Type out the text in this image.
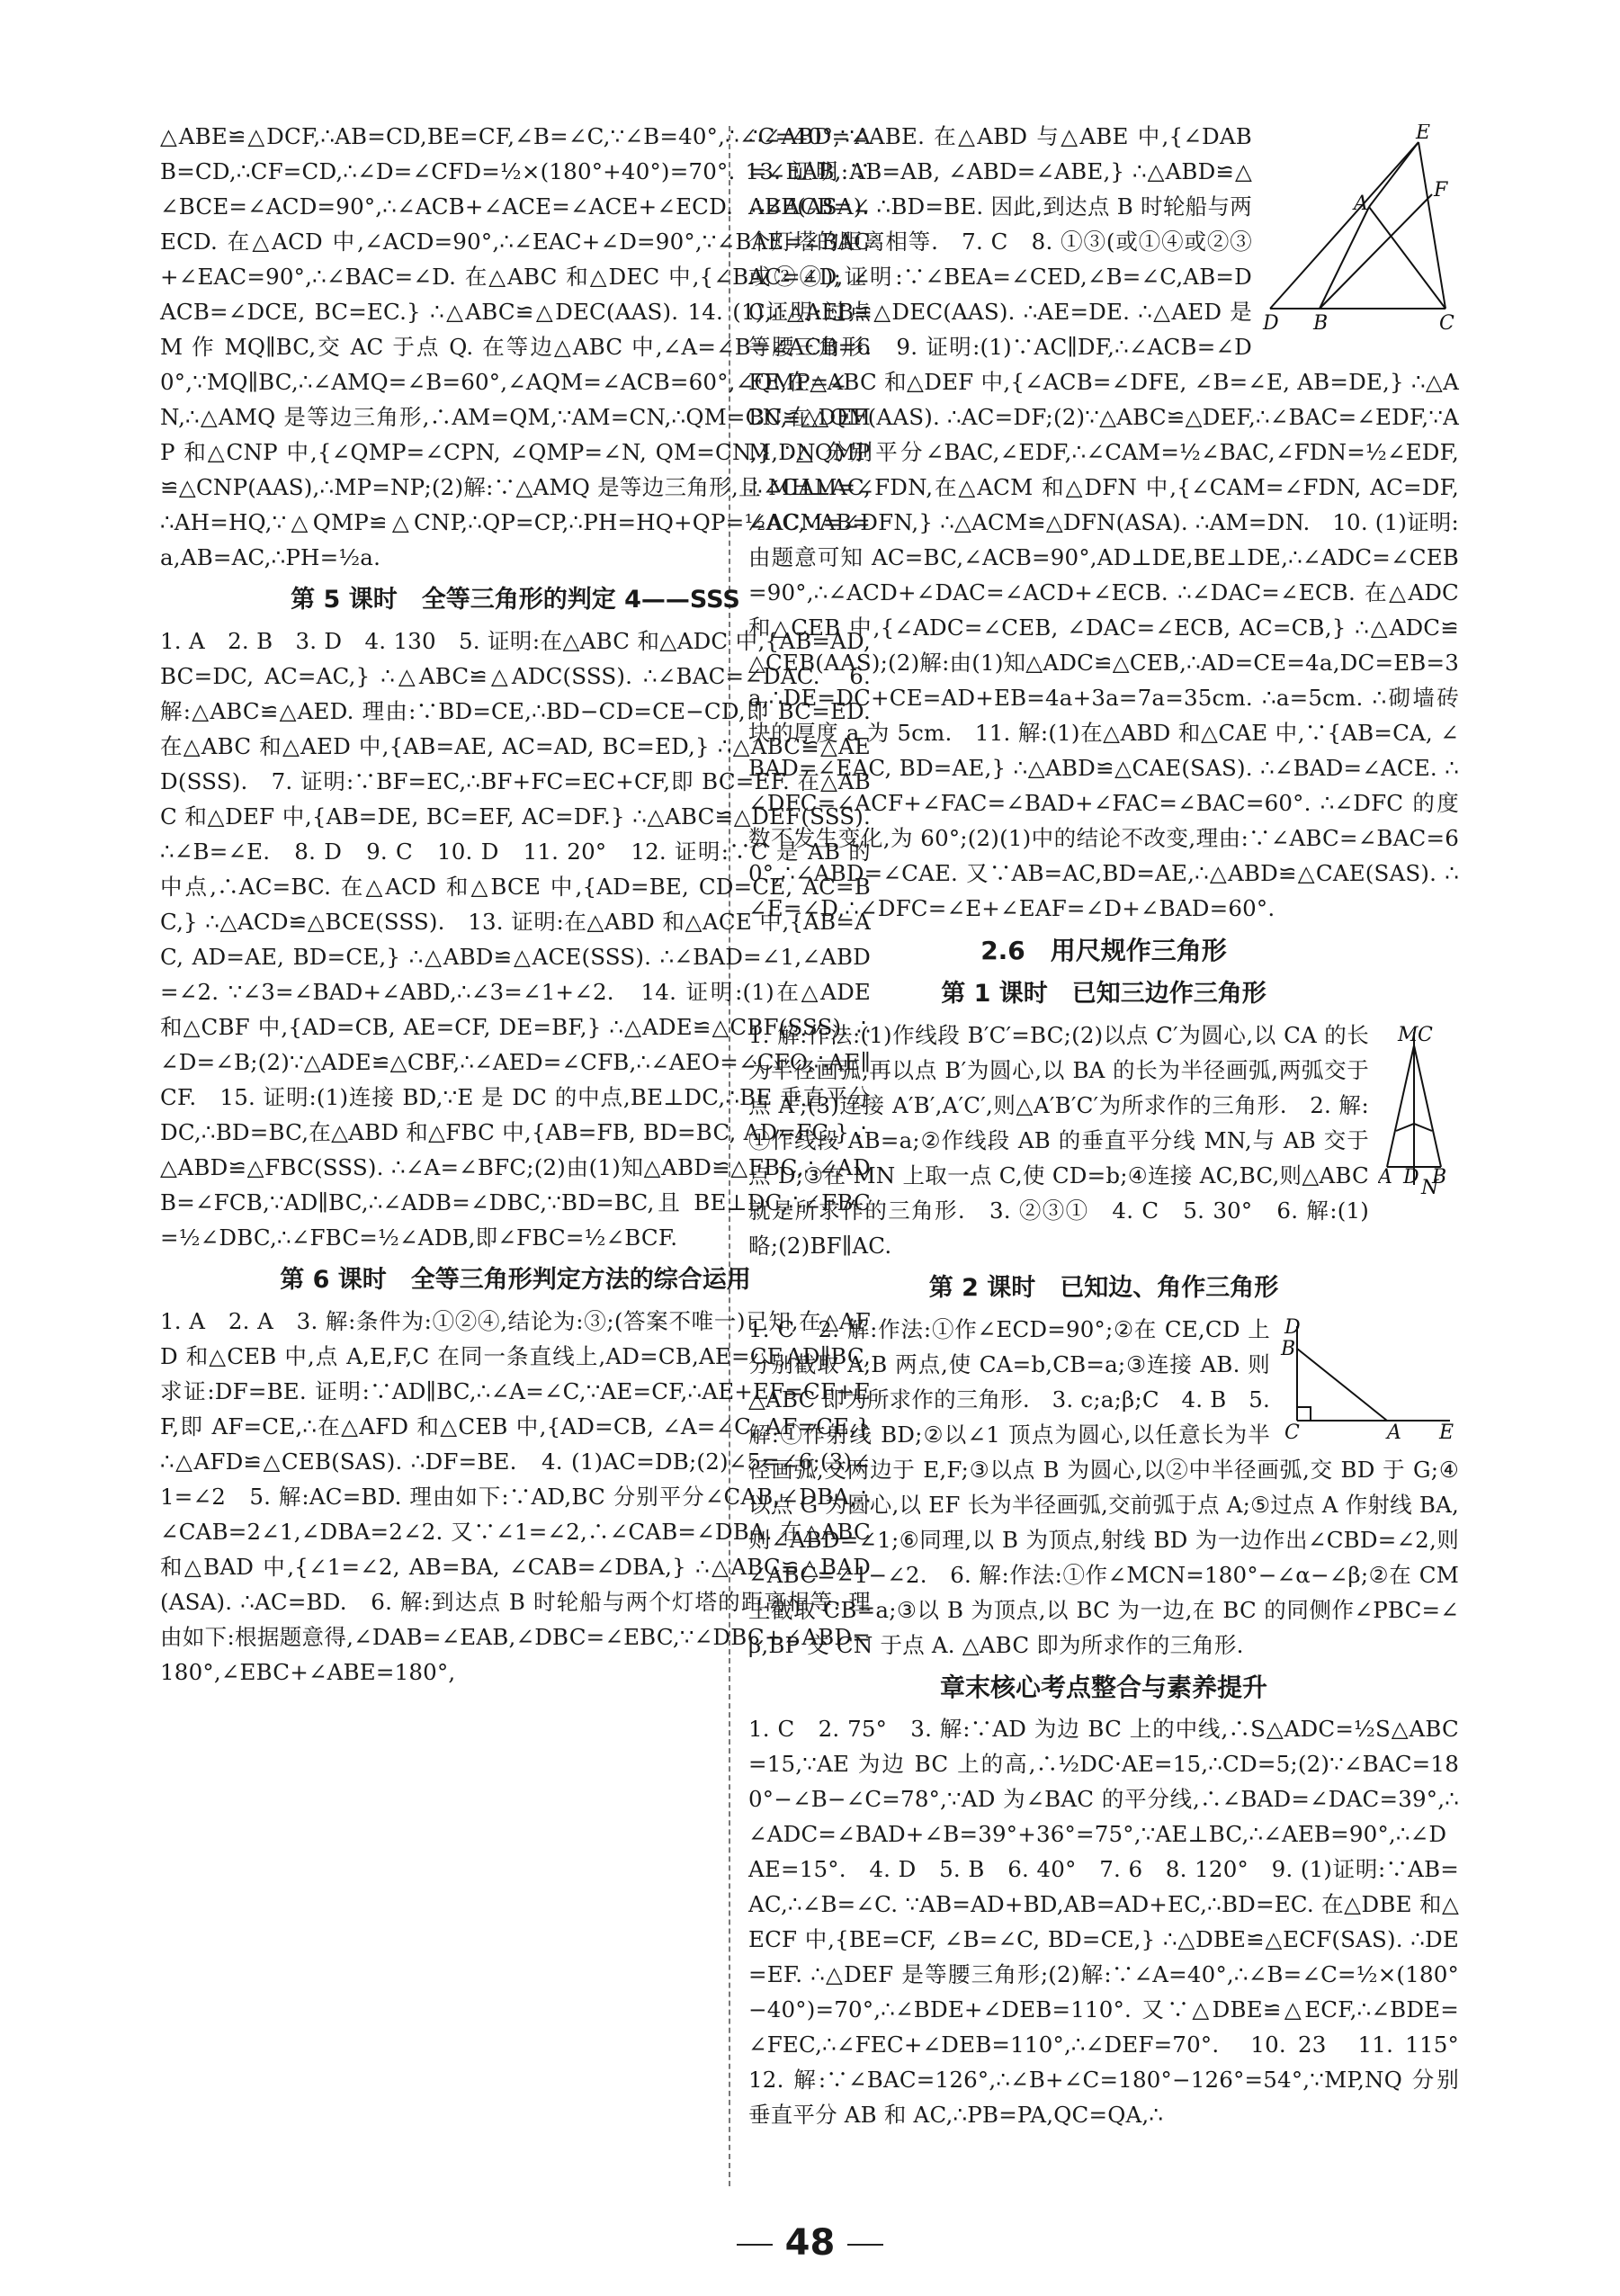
△ABE≌△DCF,∴AB=CD,BE=CF,∠B=∠C,∵∠B=40°,∴∠C=40°,∵AB=CD,∴CF=CD,∴∠D=∠CFD=½×(180°+40°)=70°. 13. 证明:∵∠BCE=∠ACD=90°,∴∠ACB+∠ACE=∠ACE+∠ECD. ∴∠ACB=∠ECD. 在△ACD 中,∠ACD=90°,∴∠EAC+∠D=90°,∵∠BAE=∠BAC+∠EAC=90°,∴∠BAC=∠D. 在△ABC 和△DEC 中,{∠BAC=∠D, ∠ACB=∠DCE, BC=EC.} ∴△ABC≌△DEC(AAS). 14. (1)证明:过点 M 作 MQ∥BC,交 AC 于点 Q. 在等边△ABC 中,∠A=∠B=∠ACB=60°,∵MQ∥BC,∴∠AMQ=∠B=60°,∠AQM=∠ACB=60°,∠QMP=∠N,∴△AMQ 是等边三角形,∴AM=QM,∵AM=CN,∴QM=CN,在△QMP 和△CNP 中,{∠QMP=∠CPN, ∠QMP=∠N, QM=CN,} ∴△QMP≌△CNP(AAS),∴MP=NP;(2)解:∵△AMQ 是等边三角形,且 MH⊥AC,∴AH=HQ,∵△QMP≌△CNP,∴QP=CP,∴PH=HQ+QP=½AC,∵AB=a,AB=AC,∴PH=½a.

第 5 课时　全等三角形的判定 4——SSS

1. A　2. B　3. D　4. 130　5. 证明:在△ABC 和△ADC 中,{AB=AD, BC=DC, AC=AC,} ∴△ABC≌△ADC(SSS). ∴∠BAC=∠DAC.　6. 解:△ABC≌△AED. 理由:∵BD=CE,∴BD−CD=CE−CD,即 BC=ED. 在△ABC 和△AED 中,{AB=AE, AC=AD, BC=ED,} ∴△ABC≌△AED(SSS).　7. 证明:∵BF=EC,∴BF+FC=EC+CF,即 BC=EF. 在△ABC 和△DEF 中,{AB=DE, BC=EF, AC=DF.} ∴△ABC≌△DEF(SSS). ∴∠B=∠E.　8. D　9. C　10. D　11. 20°　12. 证明:∵C 是 AB 的中点,∴AC=BC. 在△ACD 和△BCE 中,{AD=BE, CD=CE, AC=BC,} ∴△ACD≌△BCE(SSS).　13. 证明:在△ABD 和△ACE 中,{AB=AC, AD=AE, BD=CE,} ∴△ABD≌△ACE(SSS). ∴∠BAD=∠1,∠ABD=∠2. ∵∠3=∠BAD+∠ABD,∴∠3=∠1+∠2.　14. 证明:(1)在△ADE 和△CBF 中,{AD=CB, AE=CF, DE=BF,} ∴△ADE≌△CBF(SSS). ∴∠D=∠B;(2)∵△ADE≌△CBF,∴∠AED=∠CFB,∴∠AEO=∠CFO,∴AE∥CF.　15. 证明:(1)连接 BD,∵E 是 DC 的中点,BE⊥DC,∴BE 垂直平分 DC,∴BD=BC,在△ABD 和△FBC 中,{AB=FB, BD=BC, AD=FC,} ∴△ABD≌△FBC(SSS). ∴∠A=∠BFC;(2)由(1)知△ABD≌△FBC,∴∠ADB=∠FCB,∵AD∥BC,∴∠ADB=∠DBC,∵BD=BC,且 BE⊥DC,∴∠FBC=½∠DBC,∴∠FBC=½∠ADB,即∠FBC=½∠BCF.

第 6 课时　全等三角形判定方法的综合运用

1. A　2. A　3. 解:条件为:①②④,结论为:③;(答案不唯一)已知,在△AFD 和△CEB 中,点 A,E,F,C 在同一条直线上,AD=CB,AE=CF,AD∥BC,求证:DF=BE. 证明:∵AD∥BC,∴∠A=∠C,∵AE=CF,∴AE+EF=CF+EF,即 AF=CE,∴在△AFD 和△CEB 中,{AD=CB, ∠A=∠C, AF=CE,} ∴△AFD≌△CEB(SAS). ∴DF=BE.　4. (1)AC=DB;(2)∠5=∠6;(3)∠1=∠2　5. 解:AC=BD. 理由如下:∵AD,BC 分别平分∠CAB,∠DBA,∴∠CAB=2∠1,∠DBA=2∠2. 又∵∠1=∠2,∴∠CAB=∠DBA. 在△ABC 和△BAD 中,{∠1=∠2, AB=BA, ∠CAB=∠DBA,} ∴△ABC≌△BAD(ASA). ∴AC=BD.　6. 解:到达点 B 时轮船与两个灯塔的距离相等. 理由如下:根据题意得,∠DAB=∠EAB,∠DBC=∠EBC,∵∠DBC+∠ABD=180°,∠EBC+∠ABE=180°,

E
F
A
D B	C

∴∠ABD=∠ABE. 在△ABD 与△ABE 中,{∠DAB=∠EAB, AB=AB, ∠ABD=∠ABE,} ∴△ABD≌△ABE(ASA). ∴BD=BE. 因此,到达点 B 时轮船与两个灯塔的距离相等.　7. C　8. ①③(或①④或②③或②④);证明:∵∠BEA=∠CED,∠B=∠C,AB=DC,∴△AEB≌△DEC(AAS). ∴AE=DE. ∴△AED 是等腰三角形.　9. 证明:(1)∵AC∥DF,∴∠ACB=∠DFE,在△ABC 和△DEF 中,{∠ACB=∠DFE, ∠B=∠E, AB=DE,} ∴△ABC≌△DEF(AAS). ∴AC=DF;(2)∵△ABC≌△DEF,∴∠BAC=∠EDF,∵AM,DN 分别平分∠BAC,∠EDF,∴∠CAM=½∠BAC,∠FDN=½∠EDF,∴∠CAM=∠FDN,在△ACM 和△DFN 中,{∠CAM=∠FDN, AC=DF, ∠ACM=∠DFN,} ∴△ACM≌△DFN(ASA). ∴AM=DN.　10. (1)证明:由题意可知 AC=BC,∠ACB=90°,AD⊥DE,BE⊥DE,∴∠ADC=∠CEB=90°,∴∠ACD+∠DAC=∠ACD+∠ECB. ∴∠DAC=∠ECB. 在△ADC 和△CEB 中,{∠ADC=∠CEB, ∠DAC=∠ECB, AC=CB,} ∴△ADC≌△CEB(AAS);(2)解:由(1)知△ADC≌△CEB,∴AD=CE=4a,DC=EB=3a,∴DE=DC+CE=AD+EB=4a+3a=7a=35cm. ∴a=5cm. ∴砌墙砖块的厚度 a 为 5cm.　11. 解:(1)在△ABD 和△CAE 中,∵{AB=CA, ∠BAD=∠EAC, BD=AE,} ∴△ABD≌△CAE(SAS). ∴∠BAD=∠ACE. ∴∠DFC=∠ACF+∠FAC=∠BAD+∠FAC=∠BAC=60°. ∴∠DFC 的度数不发生变化,为 60°;(2)(1)中的结论不改变,理由:∵∠ABC=∠BAC=60°,∴∠ABD=∠CAE. 又∵AB=AC,BD=AE,∴△ABD≌△CAE(SAS). ∴∠E=∠D,∴∠DFC=∠E+∠EAF=∠D+∠BAD=60°.

2.6　用尺规作三角形
第 1 课时　已知三边作三角形
M C
A D B
N

1. 解:作法:(1)作线段 B′C′=BC;(2)以点 C′为圆心,以 CA 的长为半径画弧,再以点 B′为圆心,以 BA 的长为半径画弧,两弧交于点 A′;(3)连接 A′B′,A′C′,则△A′B′C′为所求作的三角形.　2. 解:①作线段 AB=a;②作线段 AB 的垂直平分线 MN,与 AB 交于点 D;③在 MN 上取一点 C,使 CD=b;④连接 AC,BC,则△ABC 就是所求作的三角形.　3. ②③①　4. C　5. 30°　6. 解:(1)略;(2)BF∥AC.

第 2 课时　已知边、角作三角形
D
B
C	A E

1. C　2. 解:作法:①作∠ECD=90°;②在 CE,CD 上分别截取 A,B 两点,使 CA=b,CB=a;③连接 AB. 则△ABC 即为所求作的三角形.　3. c;a;β;C　4. B　5. 解:①作射线 BD;②以∠1 顶点为圆心,以任意长为半径画弧,交两边于 E,F;③以点 B 为圆心,以②中半径画弧,交 BD 于 G;④以点 G 为圆心,以 EF 长为半径画弧,交前弧于点 A;⑤过点 A 作射线 BA,则∠ABD=∠1;⑥同理,以 B 为顶点,射线 BD 为一边作出∠CBD=∠2,则∠ABC=∠1−∠2.　6. 解:作法:①作∠MCN=180°−∠α−∠β;②在 CM 上截取 CB=a;③以 B 为顶点,以 BC 为一边,在 BC 的同侧作∠PBC=∠β,BP 交 CN 于点 A. △ABC 即为所求作的三角形.

章末核心考点整合与素养提升

1. C　2. 75°　3. 解:∵AD 为边 BC 上的中线,∴S△ADC=½S△ABC=15,∵AE 为边 BC 上的高,∴½DC·AE=15,∴CD=5;(2)∵∠BAC=180°−∠B−∠C=78°,∵AD 为∠BAC 的平分线,∴∠BAD=∠DAC=39°,∴∠ADC=∠BAD+∠B=39°+36°=75°,∵AE⊥BC,∴∠AEB=90°,∴∠DAE=15°.　4. D　5. B　6. 40°　7. 6　8. 120°　9. (1)证明:∵AB=AC,∴∠B=∠C. ∵AB=AD+BD,AB=AD+EC,∴BD=EC. 在△DBE 和△ECF 中,{BE=CF, ∠B=∠C, BD=CE,} ∴△DBE≌△ECF(SAS). ∴DE=EF. ∴△DEF 是等腰三角形;(2)解:∵∠A=40°,∴∠B=∠C=½×(180°−40°)=70°,∴∠BDE+∠DEB=110°. 又∵△DBE≌△ECF,∴∠BDE=∠FEC,∴∠FEC+∠DEB=110°,∴∠DEF=70°.　10. 23　11. 115°　12. 解:∵∠BAC=126°,∴∠B+∠C=180°−126°=54°,∵MP,NQ 分别垂直平分 AB 和 AC,∴PB=PA,QC=QA,∴

48
